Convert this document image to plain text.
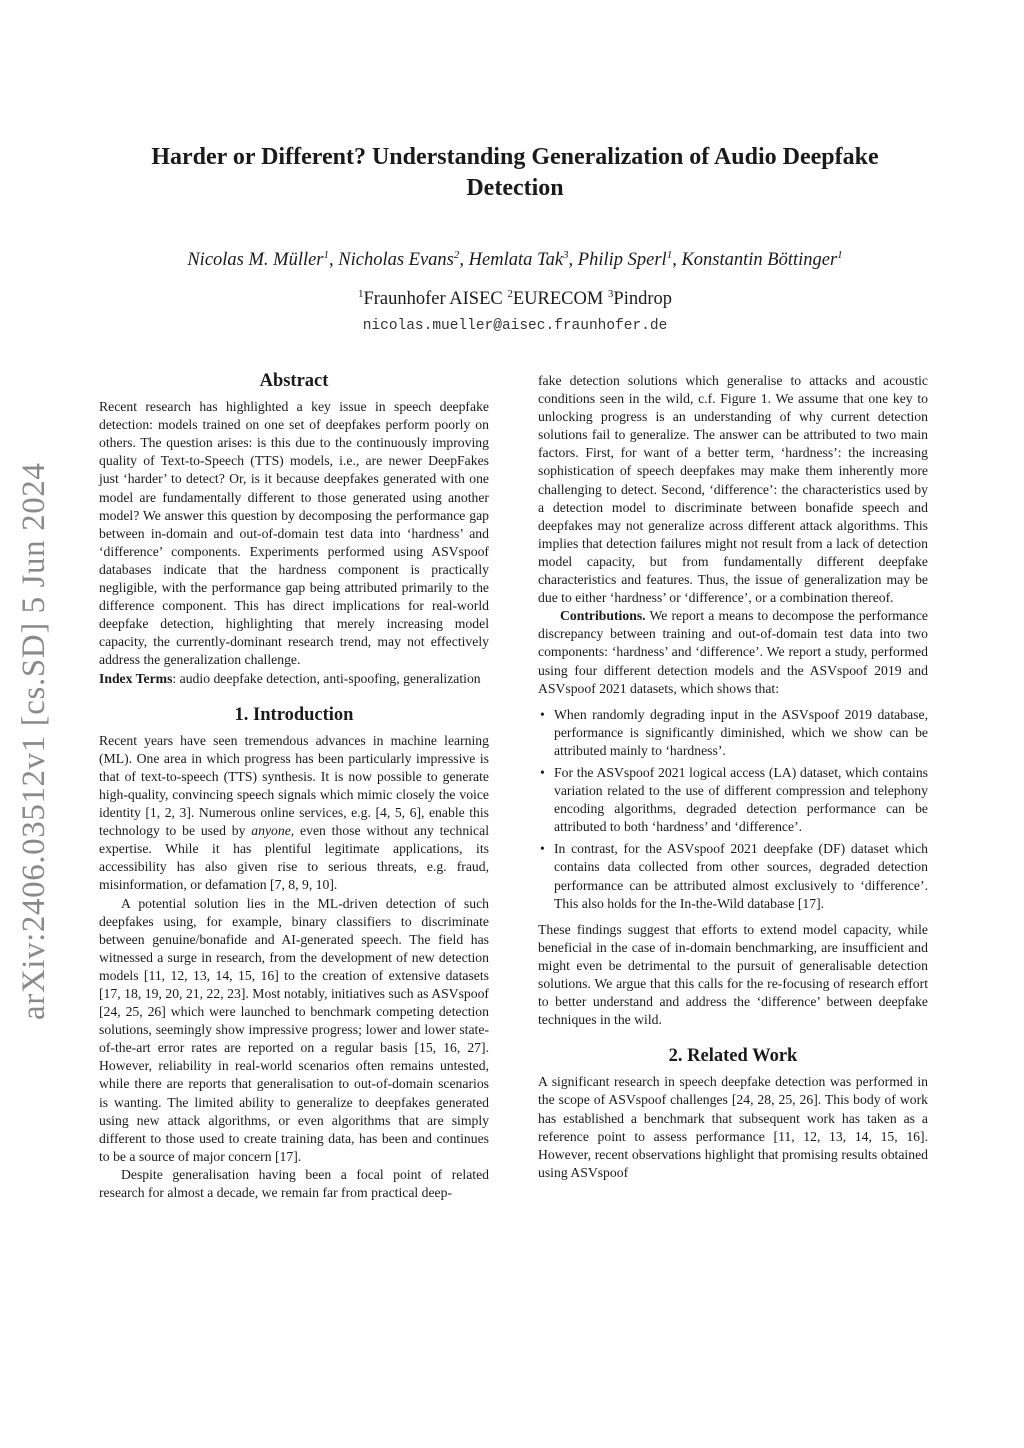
arXiv:2406.03512v1 [cs.SD] 5 Jun 2024
Harder or Different? Understanding Generalization of Audio Deepfake Detection
Nicolas M. Müller$^1$, Nicholas Evans$^2$, Hemlata Tak$^3$, Philip Sperl$^1$, Konstantin Böttinger$^1$
$^1$Fraunhofer AISEC $^2$EURECOM $^3$Pindrop
nicolas.mueller@aisec.fraunhofer.de
Abstract

Recent research has highlighted a key issue in speech deepfake detection: models trained on one set of deepfakes perform poorly on others. The question arises: is this due to the continuously improving quality of Text-to-Speech (TTS) models, i.e., are newer DeepFakes just ‘harder’ to detect? Or, is it because deepfakes generated with one model are fundamentally different to those generated using another model? We answer this question by decomposing the performance gap between in-domain and out-of-domain test data into ‘hardness’ and ‘difference’ components. Experiments performed using ASVspoof databases indicate that the hardness component is practically negligible, with the performance gap being attributed primarily to the difference component. This has direct implications for real-world deepfake detection, highlighting that merely increasing model capacity, the currently-dominant research trend, may not effectively address the generalization challenge.

Index Terms: audio deepfake detection, anti-spoofing, generalization

1. Introduction

Recent years have seen tremendous advances in machine learning (ML). One area in which progress has been particularly impressive is that of text-to-speech (TTS) synthesis. It is now possible to generate high-quality, convincing speech signals which mimic closely the voice identity [1, 2, 3]. Numerous online services, e.g. [4, 5, 6], enable this technology to be used by anyone, even those without any technical expertise. While it has plentiful legitimate applications, its accessibility has also given rise to serious threats, e.g. fraud, misinformation, or defamation [7, 8, 9, 10].

A potential solution lies in the ML-driven detection of such deepfakes using, for example, binary classifiers to discriminate between genuine/bonafide and AI-generated speech. The field has witnessed a surge in research, from the development of new detection models [11, 12, 13, 14, 15, 16] to the creation of extensive datasets [17, 18, 19, 20, 21, 22, 23]. Most notably, initiatives such as ASVspoof [24, 25, 26] which were launched to benchmark competing detection solutions, seemingly show impressive progress; lower and lower state-of-the-art error rates are reported on a regular basis [15, 16, 27]. However, reliability in real-world scenarios often remains untested, while there are reports that generalisation to out-of-domain scenarios is wanting. The limited ability to generalize to deepfakes generated using new attack algorithms, or even algorithms that are simply different to those used to create training data, has been and continues to be a source of major concern [17].

Despite generalisation having been a focal point of related research for almost a decade, we remain far from practical deep-

fake detection solutions which generalise to attacks and acoustic conditions seen in the wild, c.f. Figure 1. We assume that one key to unlocking progress is an understanding of why current detection solutions fail to generalize. The answer can be attributed to two main factors. First, for want of a better term, ‘hardness’: the increasing sophistication of speech deepfakes may make them inherently more challenging to detect. Second, ‘difference’: the characteristics used by a detection model to discriminate between bonafide speech and deepfakes may not generalize across different attack algorithms. This implies that detection failures might not result from a lack of detection model capacity, but from fundamentally different deepfake characteristics and features. Thus, the issue of generalization may be due to either ‘hardness’ or ‘difference’, or a combination thereof.

Contributions. We report a means to decompose the performance discrepancy between training and out-of-domain test data into two components: ‘hardness’ and ‘difference’. We report a study, performed using four different detection models and the ASVspoof 2019 and ASVspoof 2021 datasets, which shows that:

• When randomly degrading input in the ASVspoof 2019 database, performance is significantly diminished, which we show can be attributed mainly to ‘hardness’.
• For the ASVspoof 2021 logical access (LA) dataset, which contains variation related to the use of different compression and telephony encoding algorithms, degraded detection performance can be attributed to both ‘hardness’ and ‘difference’.
• In contrast, for the ASVspoof 2021 deepfake (DF) dataset which contains data collected from other sources, degraded detection performance can be attributed almost exclusively to ‘difference’. This also holds for the In-the-Wild database [17].

These findings suggest that efforts to extend model capacity, while beneficial in the case of in-domain benchmarking, are insufficient and might even be detrimental to the pursuit of generalisable detection solutions. We argue that this calls for the re-focusing of research effort to better understand and address the ‘difference’ between deepfake techniques in the wild.

2. Related Work

A significant research in speech deepfake detection was performed in the scope of ASVspoof challenges [24, 28, 25, 26]. This body of work has established a benchmark that subsequent work has taken as a reference point to assess performance [11, 12, 13, 14, 15, 16]. However, recent observations highlight that promising results obtained using ASVspoof
